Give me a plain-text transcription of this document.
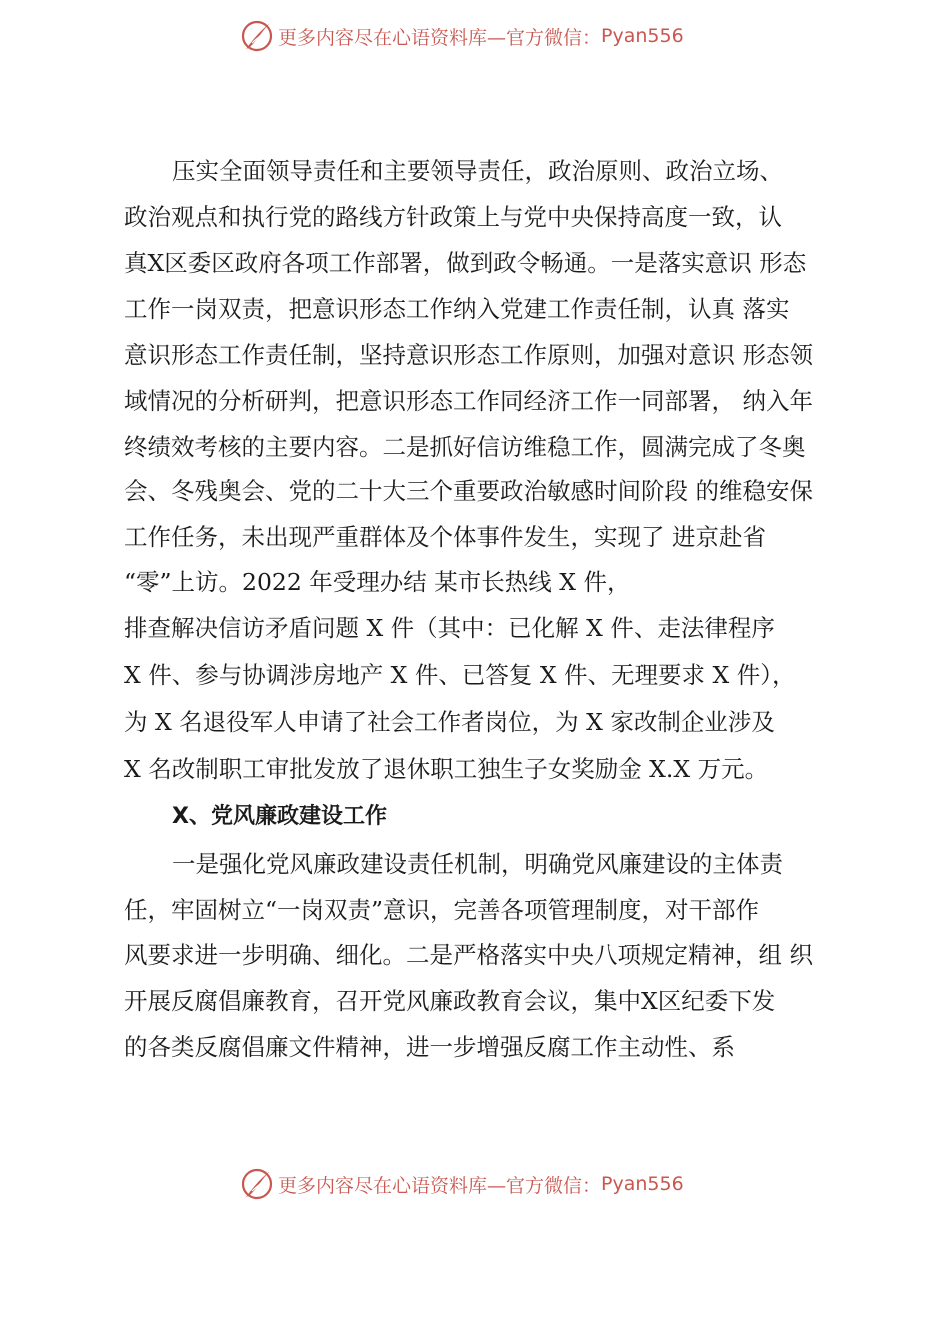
更多内容尽在心语资料库—官方微信： Pyan556
压实全面领导责任和主要领导责任，政治原则、政治立场、
政治观点和执行党的路线方针政策上与党中央保持高度一致，认
真X区委区政府各项工作部署，做到政令畅通。一是落实意识 形态
工作一岗双责，把意识形态工作纳入党建工作责任制，认真 落实
意识形态工作责任制，坚持意识形态工作原则，加强对意识 形态领
域情况的分析研判，把意识形态工作同经济工作一同部署， 纳入年
终绩效考核的主要内容。二是抓好信访维稳工作，圆满完成了冬奥
会、冬残奥会、党的二十大三个重要政治敏感时间阶段 的维稳安保
工作任务，未出现严重群体及个体事件发生，实现了 进京赴省
“零”上访。2022 年受理办结 某市长热线 X 件，
排查解决信访矛盾问题 X 件（其中：已化解 X 件、走法律程序
X 件、参与协调涉房地产 X 件、已答复 X 件、无理要求 X 件），
为 X 名退役军人申请了社会工作者岗位，为 X 家改制企业涉及
X 名改制职工审批发放了退休职工独生子女奖励金 X.X 万元。
X、党风廉政建设工作
一是强化党风廉政建设责任机制，明确党风廉建设的主体责
任，牢固树立“一岗双责”意识，完善各项管理制度，对干部作
风要求进一步明确、细化。二是严格落实中央八项规定精神，组 织
开展反腐倡廉教育，召开党风廉政教育会议，集中X区纪委下发
的各类反腐倡廉文件精神，进一步增强反腐工作主动性、系
更多内容尽在心语资料库—官方微信： Pyan556
